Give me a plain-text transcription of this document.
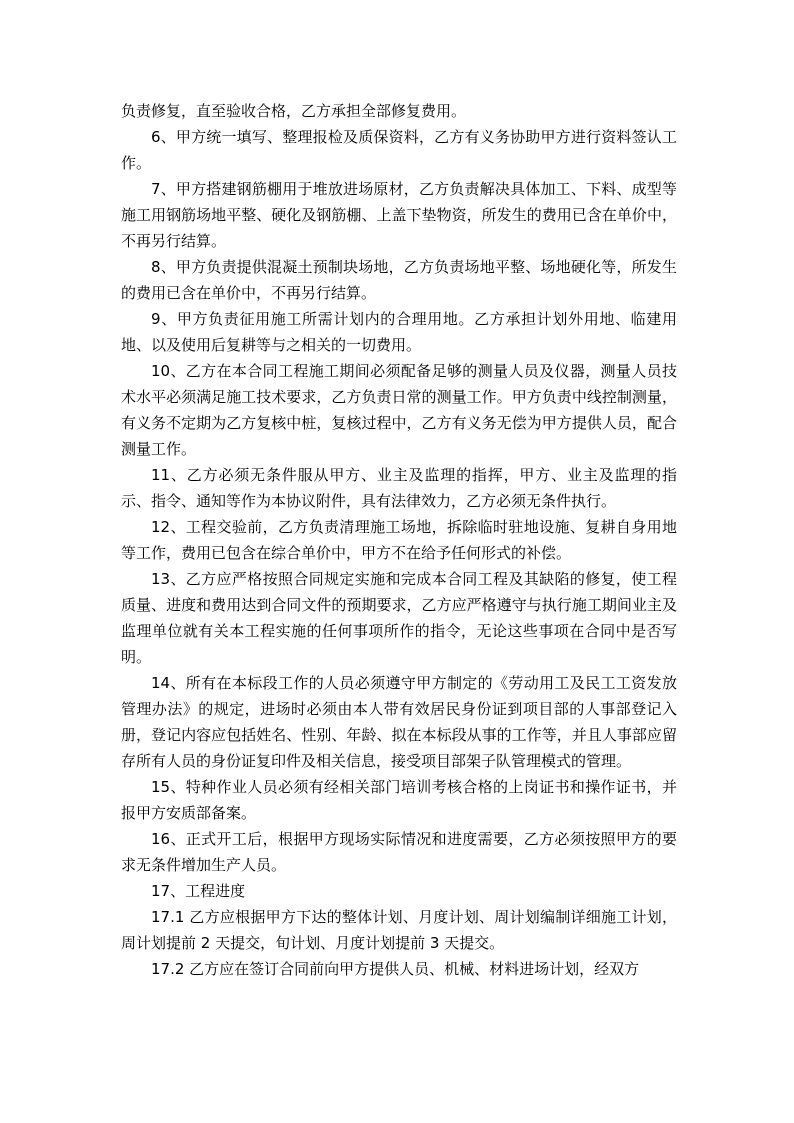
负责修复，直至验收合格，乙方承担全部修复费用。

6、甲方统一填写、整理报检及质保资料，乙方有义务协助甲方进行资料签认工作。

7、甲方搭建钢筋棚用于堆放进场原材，乙方负责解决具体加工、下料、成型等施工用钢筋场地平整、硬化及钢筋棚、上盖下垫物资，所发生的费用已含在单价中，不再另行结算。

8、甲方负责提供混凝土预制块场地，乙方负责场地平整、场地硬化等，所发生的费用已含在单价中，不再另行结算。

9、甲方负责征用施工所需计划内的合理用地。乙方承担计划外用地、临建用地、以及使用后复耕等与之相关的一切费用。

10、乙方在本合同工程施工期间必须配备足够的测量人员及仪器，测量人员技术水平必须满足施工技术要求，乙方负责日常的测量工作。甲方负责中线控制测量，有义务不定期为乙方复核中桩，复核过程中，乙方有义务无偿为甲方提供人员，配合测量工作。

11、乙方必须无条件服从甲方、业主及监理的指挥，甲方、业主及监理的指示、指令、通知等作为本协议附件，具有法律效力，乙方必须无条件执行。

12、工程交验前，乙方负责清理施工场地，拆除临时驻地设施、复耕自身用地等工作，费用已包含在综合单价中，甲方不在给予任何形式的补偿。

13、乙方应严格按照合同规定实施和完成本合同工程及其缺陷的修复，使工程质量、进度和费用达到合同文件的预期要求，乙方应严格遵守与执行施工期间业主及监理单位就有关本工程实施的任何事项所作的指令，无论这些事项在合同中是否写明。

14、所有在本标段工作的人员必须遵守甲方制定的《劳动用工及民工工资发放管理办法》的规定，进场时必须由本人带有效居民身份证到项目部的人事部登记入册，登记内容应包括姓名、性别、年龄、拟在本标段从事的工作等，并且人事部应留存所有人员的身份证复印件及相关信息，接受项目部架子队管理模式的管理。

15、特种作业人员必须有经相关部门培训考核合格的上岗证书和操作证书，并报甲方安质部备案。

16、正式开工后，根据甲方现场实际情况和进度需要，乙方必须按照甲方的要求无条件增加生产人员。

17、工程进度

17.1 乙方应根据甲方下达的整体计划、月度计划、周计划编制详细施工计划，周计划提前 2 天提交，旬计划、月度计划提前 3 天提交。

17.2 乙方应在签订合同前向甲方提供人员、机械、材料进场计划，经双方
